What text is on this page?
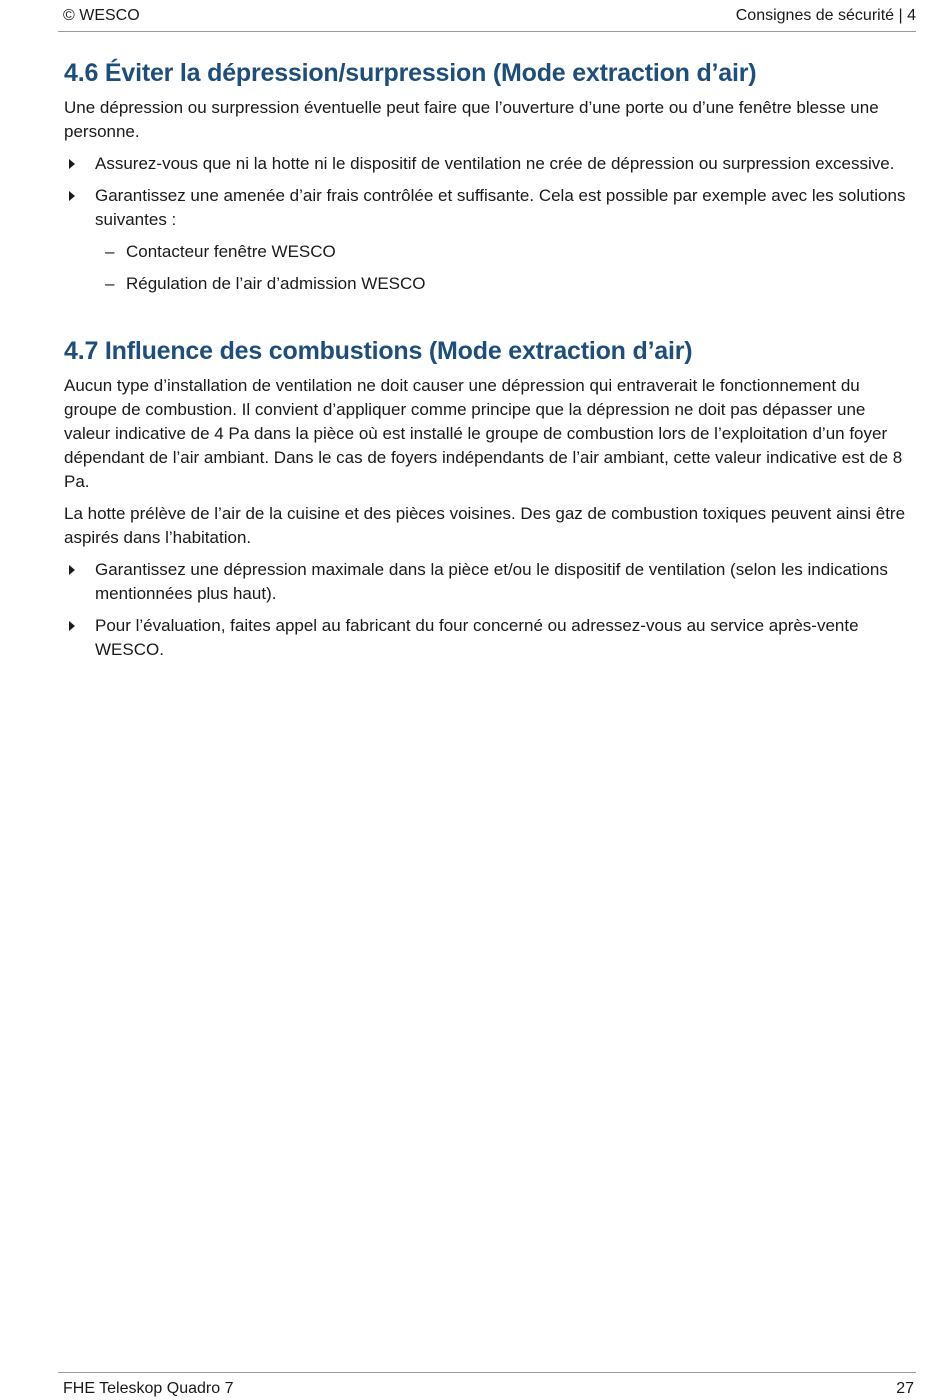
© WESCO	Consignes de sécurité | 4
4.6 Éviter la dépression/surpression (Mode extraction d’air)

Une dépression ou surpression éventuelle peut faire que l’ouverture d’une porte ou d’une fenêtre blesse une personne.

Assurez-vous que ni la hotte ni le dispositif de ventilation ne crée de dépression ou surpression excessive.
Garantissez une amenée d’air frais contrôlée et suffisante. Cela est possible par exemple avec les solutions suivantes :
– Contacteur fenêtre WESCO
– Régulation de l’air d’admission WESCO
4.7 Influence des combustions (Mode extraction d’air)

Aucun type d’installation de ventilation ne doit causer une dépression qui entraverait le fonctionnement du groupe de combustion. Il convient d’appliquer comme principe que la dépression ne doit pas dépasser une valeur indicative de 4 Pa dans la pièce où est installé le groupe de combustion lors de l’exploitation d’un foyer dépendant de l’air ambiant. Dans le cas de foyers indépendants de l’air ambiant, cette valeur indicative est de 8 Pa.

La hotte prélève de l’air de la cuisine et des pièces voisines. Des gaz de combustion toxiques peuvent ainsi être aspirés dans l’habitation.

Garantissez une dépression maximale dans la pièce et/ou le dispositif de ventilation (selon les indications mentionnées plus haut).
Pour l’évaluation, faites appel au fabricant du four concerné ou adressez-vous au service après-vente WESCO.
FHE Teleskop Quadro 7	27
